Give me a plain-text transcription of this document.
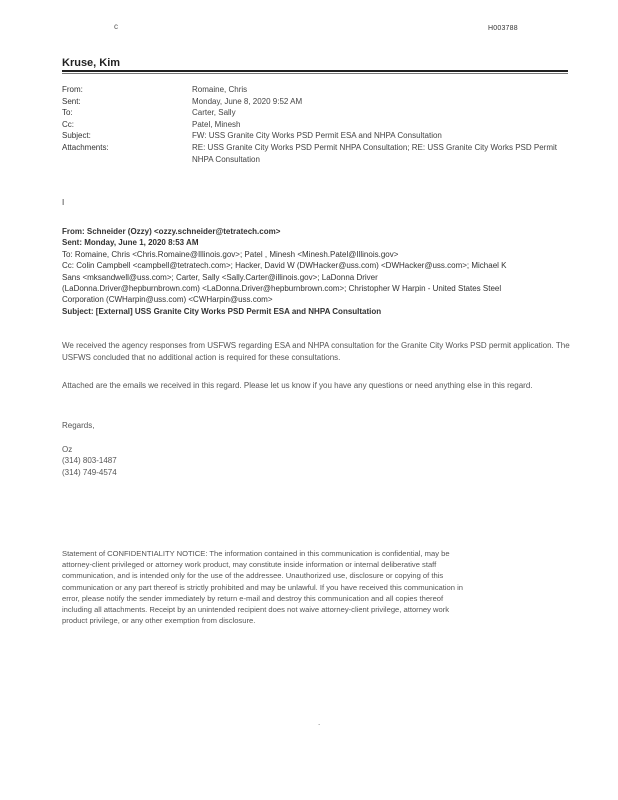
c	H003788
Kruse, Kim
From:	Romaine, Chris
Sent:	Monday, June 8, 2020 9:52 AM
To:	Carter, Sally
Cc:	Patel, Minesh
Subject:	FW: USS Granite City Works PSD Permit ESA and NHPA Consultation
Attachments:	RE: USS Granite City Works PSD Permit NHPA Consultation; RE: USS Granite City Works PSD Permit NHPA Consultation
I
From: Schneider (Ozzy) <ozzy.schneider@tetratech.com>
Sent: Monday, June 1, 2020 8:53 AM
To: Romaine, Chris <Chris.Romaine@Illinois.gov>; Patel , Minesh <Minesh.Patel@Illinois.gov>
Cc: Colin Campbell <campbell@tetratech.com>; Hacker, David W (DWHacker@uss.com) <DWHacker@uss.com>; Michael K
Sans <mksandwell@uss.com>; Carter, Sally <Sally.Carter@illinois.gov>; LaDonna Driver
(LaDonna.Driver@hepburnbrown.com) <LaDonna.Driver@hepburnbrown.com>; Christopher W Harpin - United States Steel
Corporation (CWHarpin@uss.com) <CWHarpin@uss.com>
Subject: [External] USS Granite City Works PSD Permit ESA and NHPA Consultation
We received the agency responses from USFWS regarding ESA and NHPA consultation for the Granite City Works PSD permit application. The USFWS concluded that no additional action is required for these consultations.
Attached are the emails we received in this regard. Please let us know if you have any questions or need anything else in this regard.
Regards,
Oz
(314) 803-1487
(314) 749-4574
Statement of CONFIDENTIALITY NOTICE: The information contained in this communication is confidential, may be
attorney-client privileged or attorney work product, may constitute inside information or internal deliberative staff
communication, and is intended only for the use of the addressee. Unauthorized use, disclosure or copying of this
communication or any part thereof is strictly prohibited and may be unlawful. If you have received this communication in
error, please notify the sender immediately by return e-mail and destroy this communication and all copies thereof
including all attachments. Receipt by an unintended recipient does not waive attorney-client privilege, attorney work
product privilege, or any other exemption from disclosure.
.
